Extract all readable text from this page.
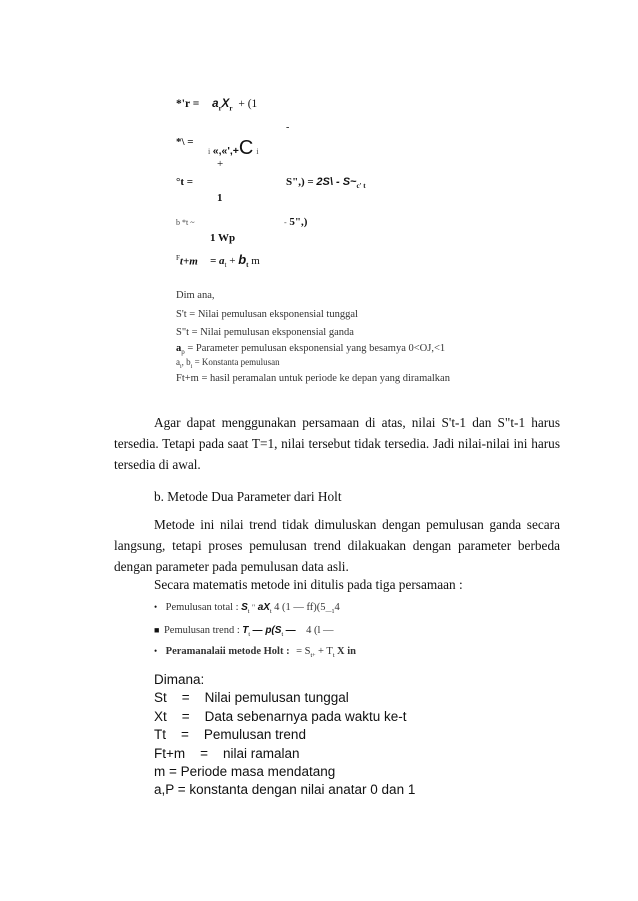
$*'r = a_rX_r + (1$
-
*\ =
i «,«',+C i
+
°t =	S",) = 2S\ - $S\sim_{c' t}$
1
b *t ~	- 5",)
1 Wp
$^Ft+m = a_t + b_t$ m
Dim ana,
S't = Nilai pemulusan eksponensial tunggal
S"t = Nilai pemulusan eksponensial ganda
$a_p$ = Parameter pemulusan eksponensial yang besamya 0<OJ,<1
$a_i$, $b_i$ = Konstanta pemulusan
Ft+m = hasil peramalan untuk periode ke depan yang diramalkan
Agar dapat menggunakan persamaan di atas, nilai S't-1 dan S"t-1 harus tersedia. Tetapi pada saat T=1, nilai tersebut tidak tersedia. Jadi nilai-nilai ini harus tersedia di awal.
b. Metode Dua Parameter dari Holt
Metode ini nilai trend tidak dimuluskan dengan pemulusan ganda secara langsung, tetapi proses pemulusan trend dilakuakan dengan parameter berbeda dengan parameter pada pemulusan data asli.
Secara matematis metode ini ditulis pada tiga persamaan :
• Pemulusan total : $S_t$ " $aX_t$ 4 (1 — $ff)(5_{—1}4$
■ Pemulusan trend : $T_t$ — $p(S_t$ — 4 (l —
• Peramanalaii metode Holt : = $S_{t+} + T_t$ X in
Dimana:
St    =    Nilai pemulusan tunggal
Xt    =    Data sebenarnya pada waktu ke-t
Tt    =    Pemulusan trend
Ft+m    =    nilai ramalan
m = Periode masa mendatang
a,P = konstanta dengan nilai anatar 0 dan 1
